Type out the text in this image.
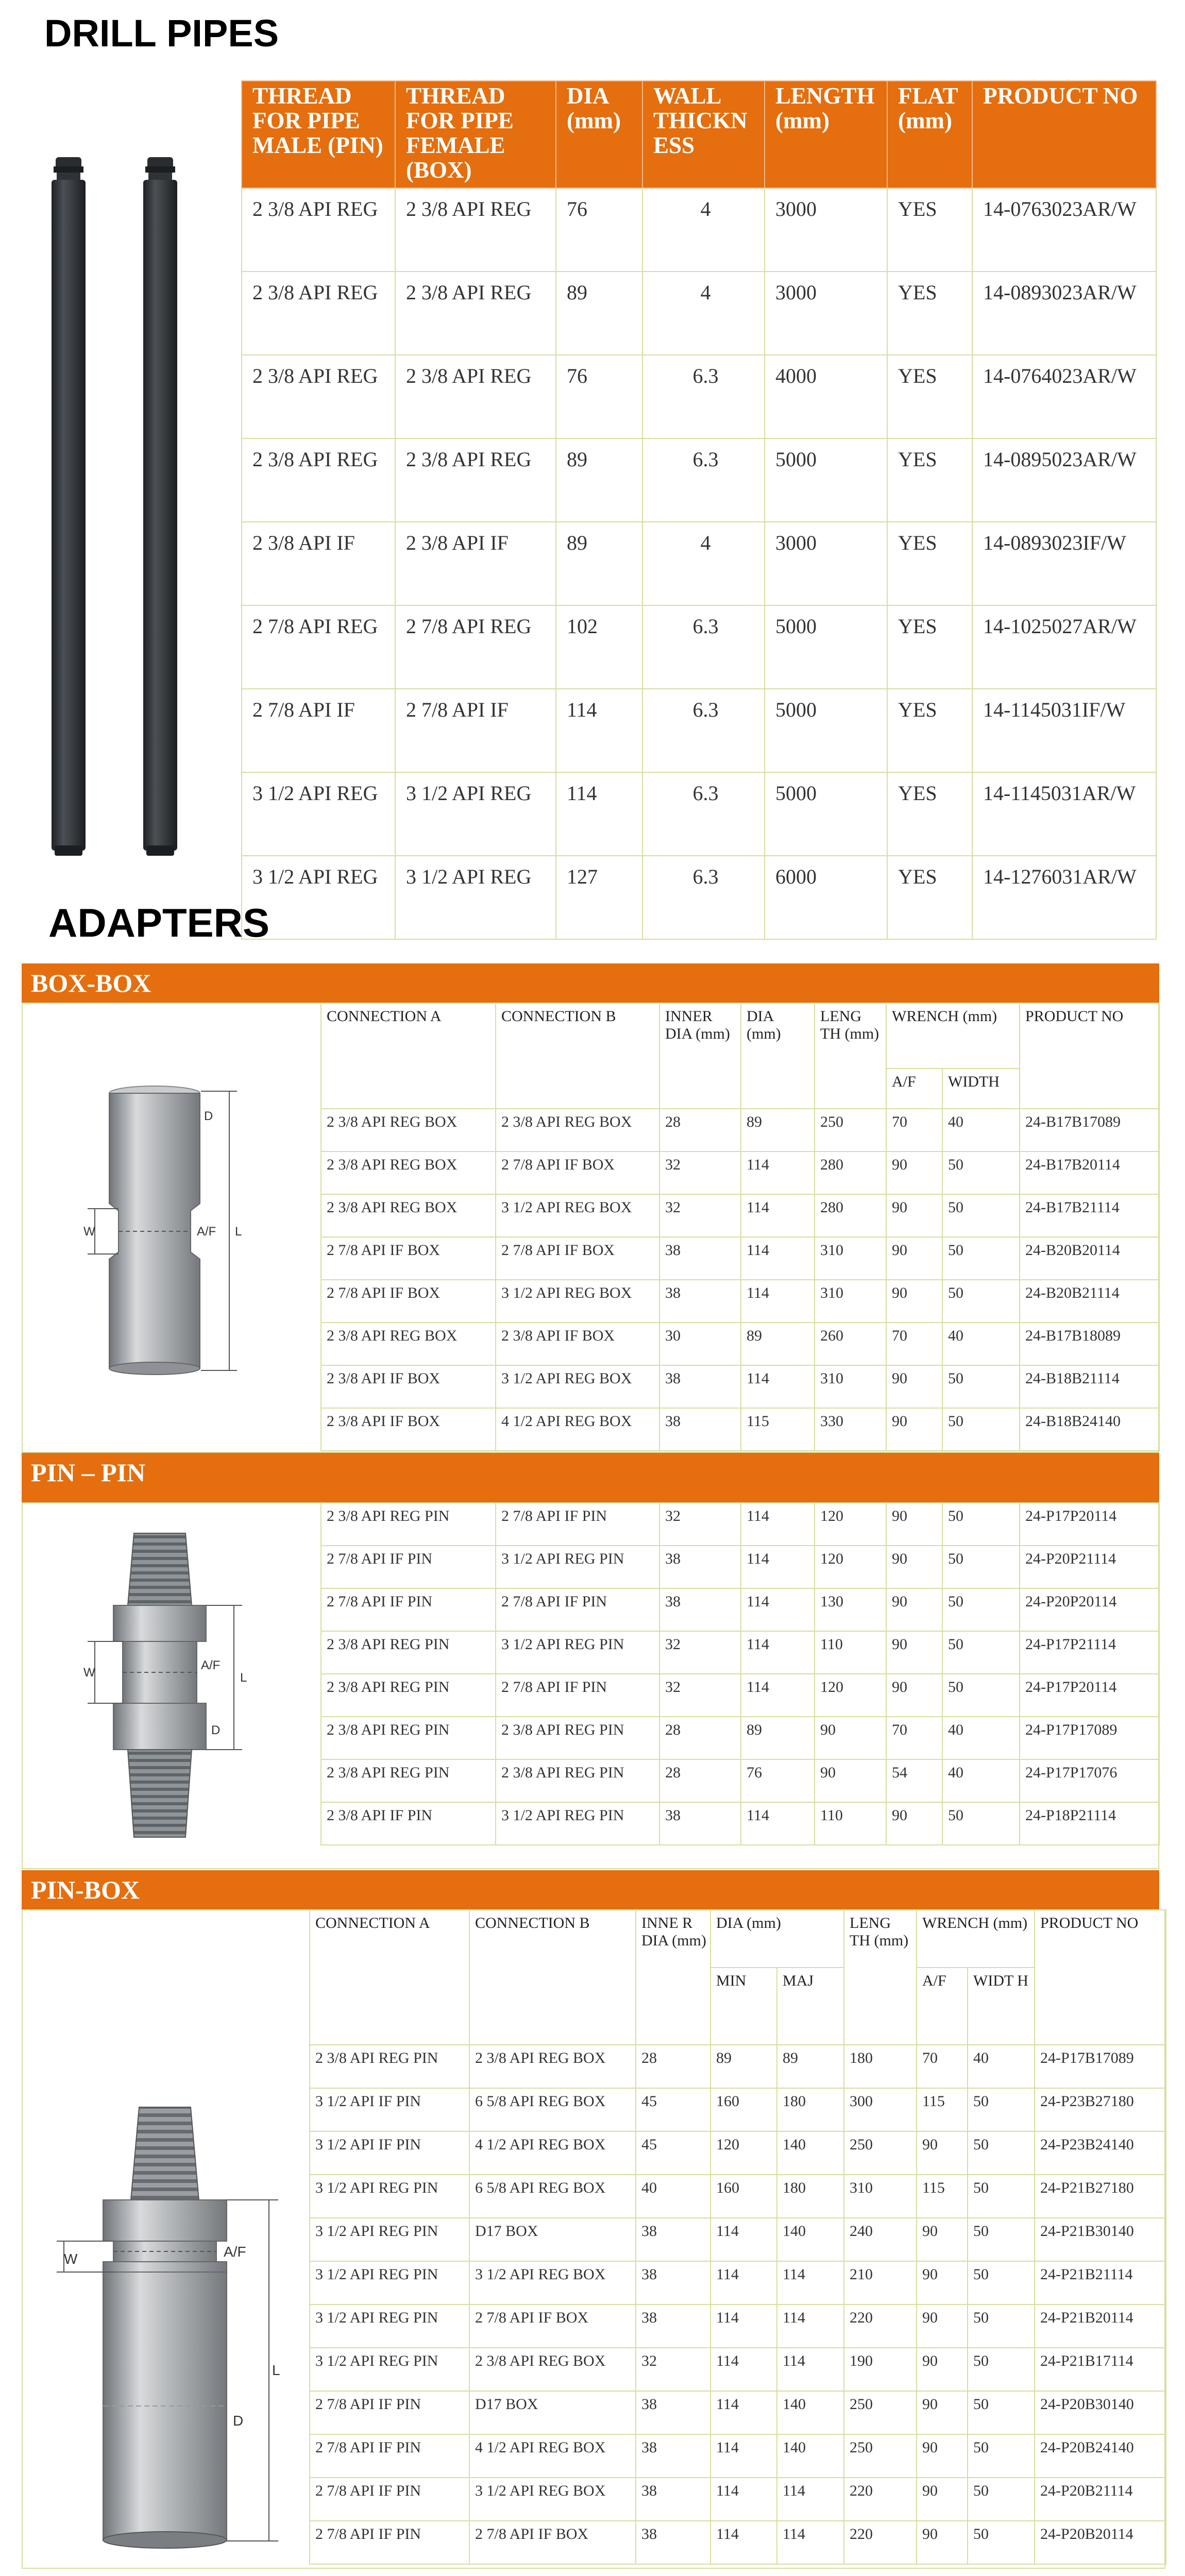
DRILL PIPES
THREAD FOR PIPE MALE (PIN)	THREAD FOR PIPE FEMALE (BOX)	DIA (mm)	WALL THICKN ESS	LENGTH (mm)	FLAT (mm)	PRODUCT NO
2 3/8 API REG	2 3/8 API REG	76	4	3000	YES	14-0763023AR/W
2 3/8 API REG	2 3/8 API REG	89	4	3000	YES	14-0893023AR/W
2 3/8 API REG	2 3/8 API REG	76	6.3	4000	YES	14-0764023AR/W
2 3/8 API REG	2 3/8 API REG	89	6.3	5000	YES	14-0895023AR/W
2 3/8 API IF	2 3/8 API IF	89	4	3000	YES	14-0893023IF/W
2 7/8 API REG	2 7/8 API REG	102	6.3	5000	YES	14-1025027AR/W
2 7/8 API IF	2 7/8 API IF	114	6.3	5000	YES	14-1145031IF/W
3 1/2 API REG	3 1/2 API REG	114	6.3	5000	YES	14-1145031AR/W
3 1/2 API REG	3 1/2 API REG	127	6.3	6000	YES	14-1276031AR/W
ADAPTERS
BOX-BOX
D
W	A/F L
CONNECTION A	CONNECTION B	INNER DIA (mm)	DIA (mm)	LENG TH (mm)	WRENCH (mm)		PRODUCT NO
					A/F	WIDTH	
2 3/8 API REG BOX	2 3/8 API REG BOX	28	89	250	70	40	24-B17B17089
2 3/8 API REG BOX	2 7/8 API IF BOX	32	114	280	90	50	24-B17B20114
2 3/8 API REG BOX	3 1/2 API REG BOX	32	114	280	90	50	24-B17B21114
2 7/8 API IF BOX	2 7/8 API IF BOX	38	114	310	90	50	24-B20B20114
2 7/8 API IF BOX	3 1/2 API REG BOX	38	114	310	90	50	24-B20B21114
2 3/8 API REG BOX	2 3/8 API IF BOX	30	89	260	70	40	24-B17B18089
2 3/8 API IF BOX	3 1/2 API REG BOX	38	114	310	90	50	24-B18B21114
2 3/8 API IF BOX	4 1/2 API REG BOX	38	115	330	90	50	24-B18B24140
PIN – PIN
W
A/F
L
D
2 3/8 API REG PIN	2 7/8 API IF PIN	32	114	120	90	50	24-P17P20114
2 7/8 API IF PIN	3 1/2 API REG PIN	38	114	120	90	50	24-P20P21114
2 7/8 API IF PIN	2 7/8 API IF PIN	38	114	130	90	50	24-P20P20114
2 3/8 API REG PIN	3 1/2 API REG PIN	32	114	110	90	50	24-P17P21114
2 3/8 API REG PIN	2 7/8 API IF PIN	32	114	120	90	50	24-P17P20114
2 3/8 API REG PIN	2 3/8 API REG PIN	28	89	90	70	40	24-P17P17089
2 3/8 API REG PIN	2 3/8 API REG PIN	28	76	90	54	40	24-P17P17076
2 3/8 API IF PIN	3 1/2 API REG PIN	38	114	110	90	50	24-P18P21114
PIN-BOX
W	A/F
L
D
CONNECTION A	CONNECTION B	INNE R DIA (mm)	DIA (mm)		LENG TH (mm)	WRENCH (mm)		PRODUCT NO
			MIN	MAJ		A/F	WIDT H	
2 3/8 API REG PIN	2 3/8 API REG BOX	28	89	89	180	70	40	24-P17B17089
3 1/2 API IF PIN	6 5/8 API REG BOX	45	160	180	300	115	50	24-P23B27180
3 1/2 API IF PIN	4 1/2 API REG BOX	45	120	140	250	90	50	24-P23B24140
3 1/2 API REG PIN	6 5/8 API REG BOX	40	160	180	310	115	50	24-P21B27180
3 1/2 API REG PIN	D17 BOX	38	114	140	240	90	50	24-P21B30140
3 1/2 API REG PIN	3 1/2 API REG BOX	38	114	114	210	90	50	24-P21B21114
3 1/2 API REG PIN	2 7/8 API IF BOX	38	114	114	220	90	50	24-P21B20114
3 1/2 API REG PIN	2 3/8 API REG BOX	32	114	114	190	90	50	24-P21B17114
2 7/8 API IF PIN	D17 BOX	38	114	140	250	90	50	24-P20B30140
2 7/8 API IF PIN	4 1/2 API REG BOX	38	114	140	250	90	50	24-P20B24140
2 7/8 API IF PIN	3 1/2 API REG BOX	38	114	114	220	90	50	24-P20B21114
2 7/8 API IF PIN	2 7/8 API IF BOX	38	114	114	220	90	50	24-P20B20114
